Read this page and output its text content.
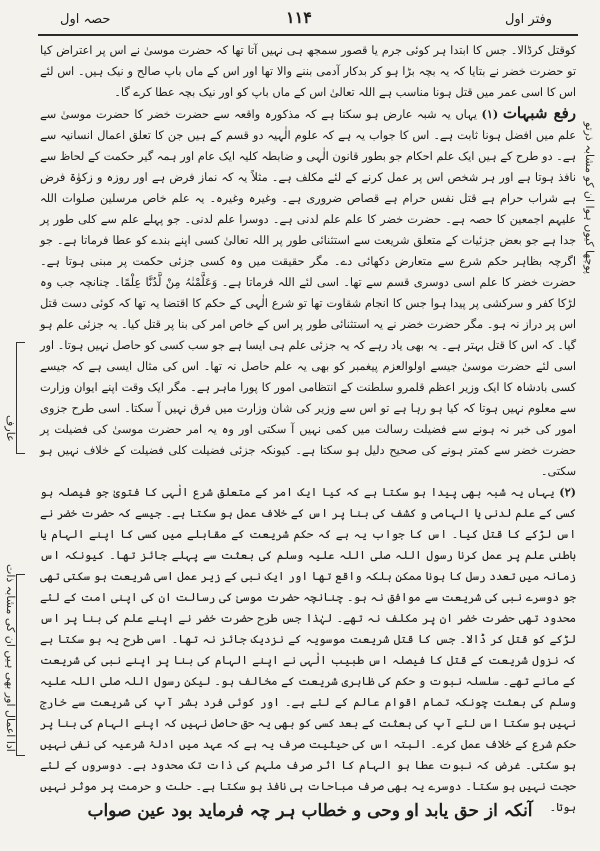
وفتر اول
۱۱۴
حصہ اول
پوچھا کیوں ہوا ان کو مشابہ ذرتو
عارف
ادا اعمال اور بھی ہیں ان کی مشابہ ذات

کوقتل کرڈالا۔ جس کا ابتدا ہر کوئی جرم یا قصور سمجھ ہی نہیں آتا تھا کہ حضرت موسیٰ نے اس پر اعتراض کیا تو حضرت خضر نے بتایا کہ یہ بچہ بڑا ہو کر بدکار آدمی بننے والا تھا اور اس کے ماں باپ صالح و نیک ہیں۔ اس لئے اس کا اسی عمر میں قتل ہونا مناسب ہے اللہ تعالیٰ اس کے ماں باپ کو اور نیک بچہ عطا کرے گا۔

رفع شبہات (۱) یہاں یہ شبہ عارض ہو سکتا ہے کہ مذکورہ واقعہ سے حضرت خضر کا حضرت موسیٰ سے علم میں افضل ہونا ثابت ہے۔ اس کا جواب یہ ہے کہ علوم الٰہیہ دو قسم کے ہیں جن کا تعلق اعمال انسانیہ سے ہے۔ دو طرح کے ہیں ایک علم احکام جو بطور قانون الٰہی و ضابطہ کلیہ ایک عام اور ہمہ گیر حکمت کے لحاظ سے نافذ ہوتا ہے اور ہر شخص اس پر عمل کرنے کے لئے مکلف ہے۔ مثلاً یہ کہ نماز فرض ہے اور روزہ و زکوٰۃ فرض ہے شراب حرام ہے قتل نفس حرام ہے قصاص ضروری ہے۔ وغیرہ وغیرہ۔ یہ علم خاص مرسلین صلوات اللہ علیہم اجمعین کا حصہ ہے۔ حضرت خضر کا علم علم لدنی ہے۔ دوسرا علم لدنی۔ جو پہلے علم سے کلی طور پر جدا ہے جو بعض جزئیات کے متعلق شریعت سے استثنائی طور پر اللہ تعالیٰ کسی اپنے بندے کو عطا فرماتا ہے۔ جو اگرچہ بظاہر حکم شرع سے متعارض دکھائی دے۔ مگر حقیقت میں وہ کسی جزئی حکمت پر مبنی ہوتا ہے۔ حضرت خضر کا علم اسی دوسری قسم سے تھا۔ اسی لئے اللہ فرماتا ہے۔ وَعَلَّمْنٰہُ مِنْ لَّدُنَّا عِلْمًا۔ چنانچہ جب وہ لڑکا کفر و سرکشی پر پیدا ہوا جس کا انجام شقاوت تھا تو شرع الٰہی کے حکم کا اقتضا یہ تھا کہ کوئی دست قتل اس پر دراز نہ ہو۔ مگر حضرت خضر نے یہ استثنائی طور پر اس کے خاص امر کی بنا پر قتل کیا۔ یہ جزئی علم ہو گیا۔ کہ اس کا قتل بہتر ہے۔ یہ بھی یاد رہے کہ یہ جزئی علم ہی ایسا ہے جو سب کسی کو حاصل نہیں ہوتا۔ اور اسی لئے حضرت موسیٰ جیسے اولوالعزم پیغمبر کو بھی یہ علم حاصل نہ تھا۔ اس کی مثال ایسی ہے کہ جیسے کسی بادشاہ کا ایک وزیر اعظم قلمرو سلطنت کے انتظامی امور کا پورا ماہر ہے۔ مگر ایک وقت اپنے ایوان وزارت سے معلوم نہیں ہوتا کہ کیا ہو رہا ہے تو اس سے وزیر کی شان وزارت میں فرق نہیں آ سکتا۔ اسی طرح جزوی امور کی خبر نہ ہونے سے فضیلت رسالت میں کمی نہیں آ سکتی اور وہ یہ امر حضرت موسیٰ کی فضیلت پر حضرت خضر سے کمتر ہونے کی صحیح دلیل ہو سکتا ہے۔ کیونکہ جزئی فضیلت کلی فضیلت کے خلاف نہیں ہو سکتی۔

(۲) یہاں یہ شبہ بھی پیدا ہو سکتا ہے کہ کیا ایک امر کے متعلق شرع الٰہی کا فتویٰ جو فیصلہ ہو کسی کے علم لدنی یا الہامی و کشف کی بنا پر اس کے خلاف عمل ہو سکتا ہے۔ جیسے کہ حضرت خضر نے اس لڑکے کا قتل کیا۔ اس کا جواب یہ ہے کہ حکم شریعت کے مقابلے میں کسی کا اپنے الہام یا باطنی علم پر عمل کرنا رسول اللہ صلی اللہ علیہ وسلم کی بعثت سے پہلے جائز تھا۔ کیونکہ اس زمانہ میں تعدد رسل کا ہونا ممکن بلکہ واقع تھا اور ایک نبی کے زیر عمل اسی شریعت ہو سکتی تھی جو دوسرے نبی کی شریعت سے موافق نہ ہو۔ چنانچہ حضرت موسیٰ کی رسالت ان کی اپنی امت کے لئے محدود تھی حضرت خضر ان پر مکلف نہ تھے۔ لہٰذا جس طرح حضرت خضر نے اپنے علم کی بنا پر اس لڑکے کو قتل کر ڈالا۔ جس کا قتل شریعت موسویہ کے نزدیک جائز نہ تھا۔ اسی طرح یہ ہو سکتا ہے کہ نزول شریعت کے قتل کا فیصلہ اس طبیب الٰہی نے اپنے الہام کی بنا پر اپنے نبی کی شریعت کے مانے تھے۔ سلسلہ نبوت و حکم کی ظاہری شریعت کے مخالف ہو۔ لیکن رسول اللہ صلی اللہ علیہ وسلم کی بعثت چونکہ تمام اقوام عالم کے لئے ہے۔ اور کوئی فرد بشر آپ کی شریعت سے خارج نہیں ہو سکتا اس لئے آپ کی بعثت کے بعد کسی کو بھی یہ حق حاصل نہیں کہ اپنے الہام کی بنا پر حکم شرع کے خلاف عمل کرے۔ البتہ اس کی حیثیت صرف یہ ہے کہ عہد میں ادلۂ شرعیہ کی نفی نہیں ہو سکتی۔ غرض کہ نبوت عطا ہو الہام کا اثر صرف ملہم کی ذات تک محدود ہے۔ دوسروں کے لئے حجت نہیں ہو سکتا۔ دوسرے یہ بھی صرف مباحات ہی نافذ ہو سکتا ہے۔ حلت و حرمت پر موثر نہیں ہوتا۔

آنکہ از حق یابد او وحی و خطاب ہر چہ فرماید بود عین صواب
